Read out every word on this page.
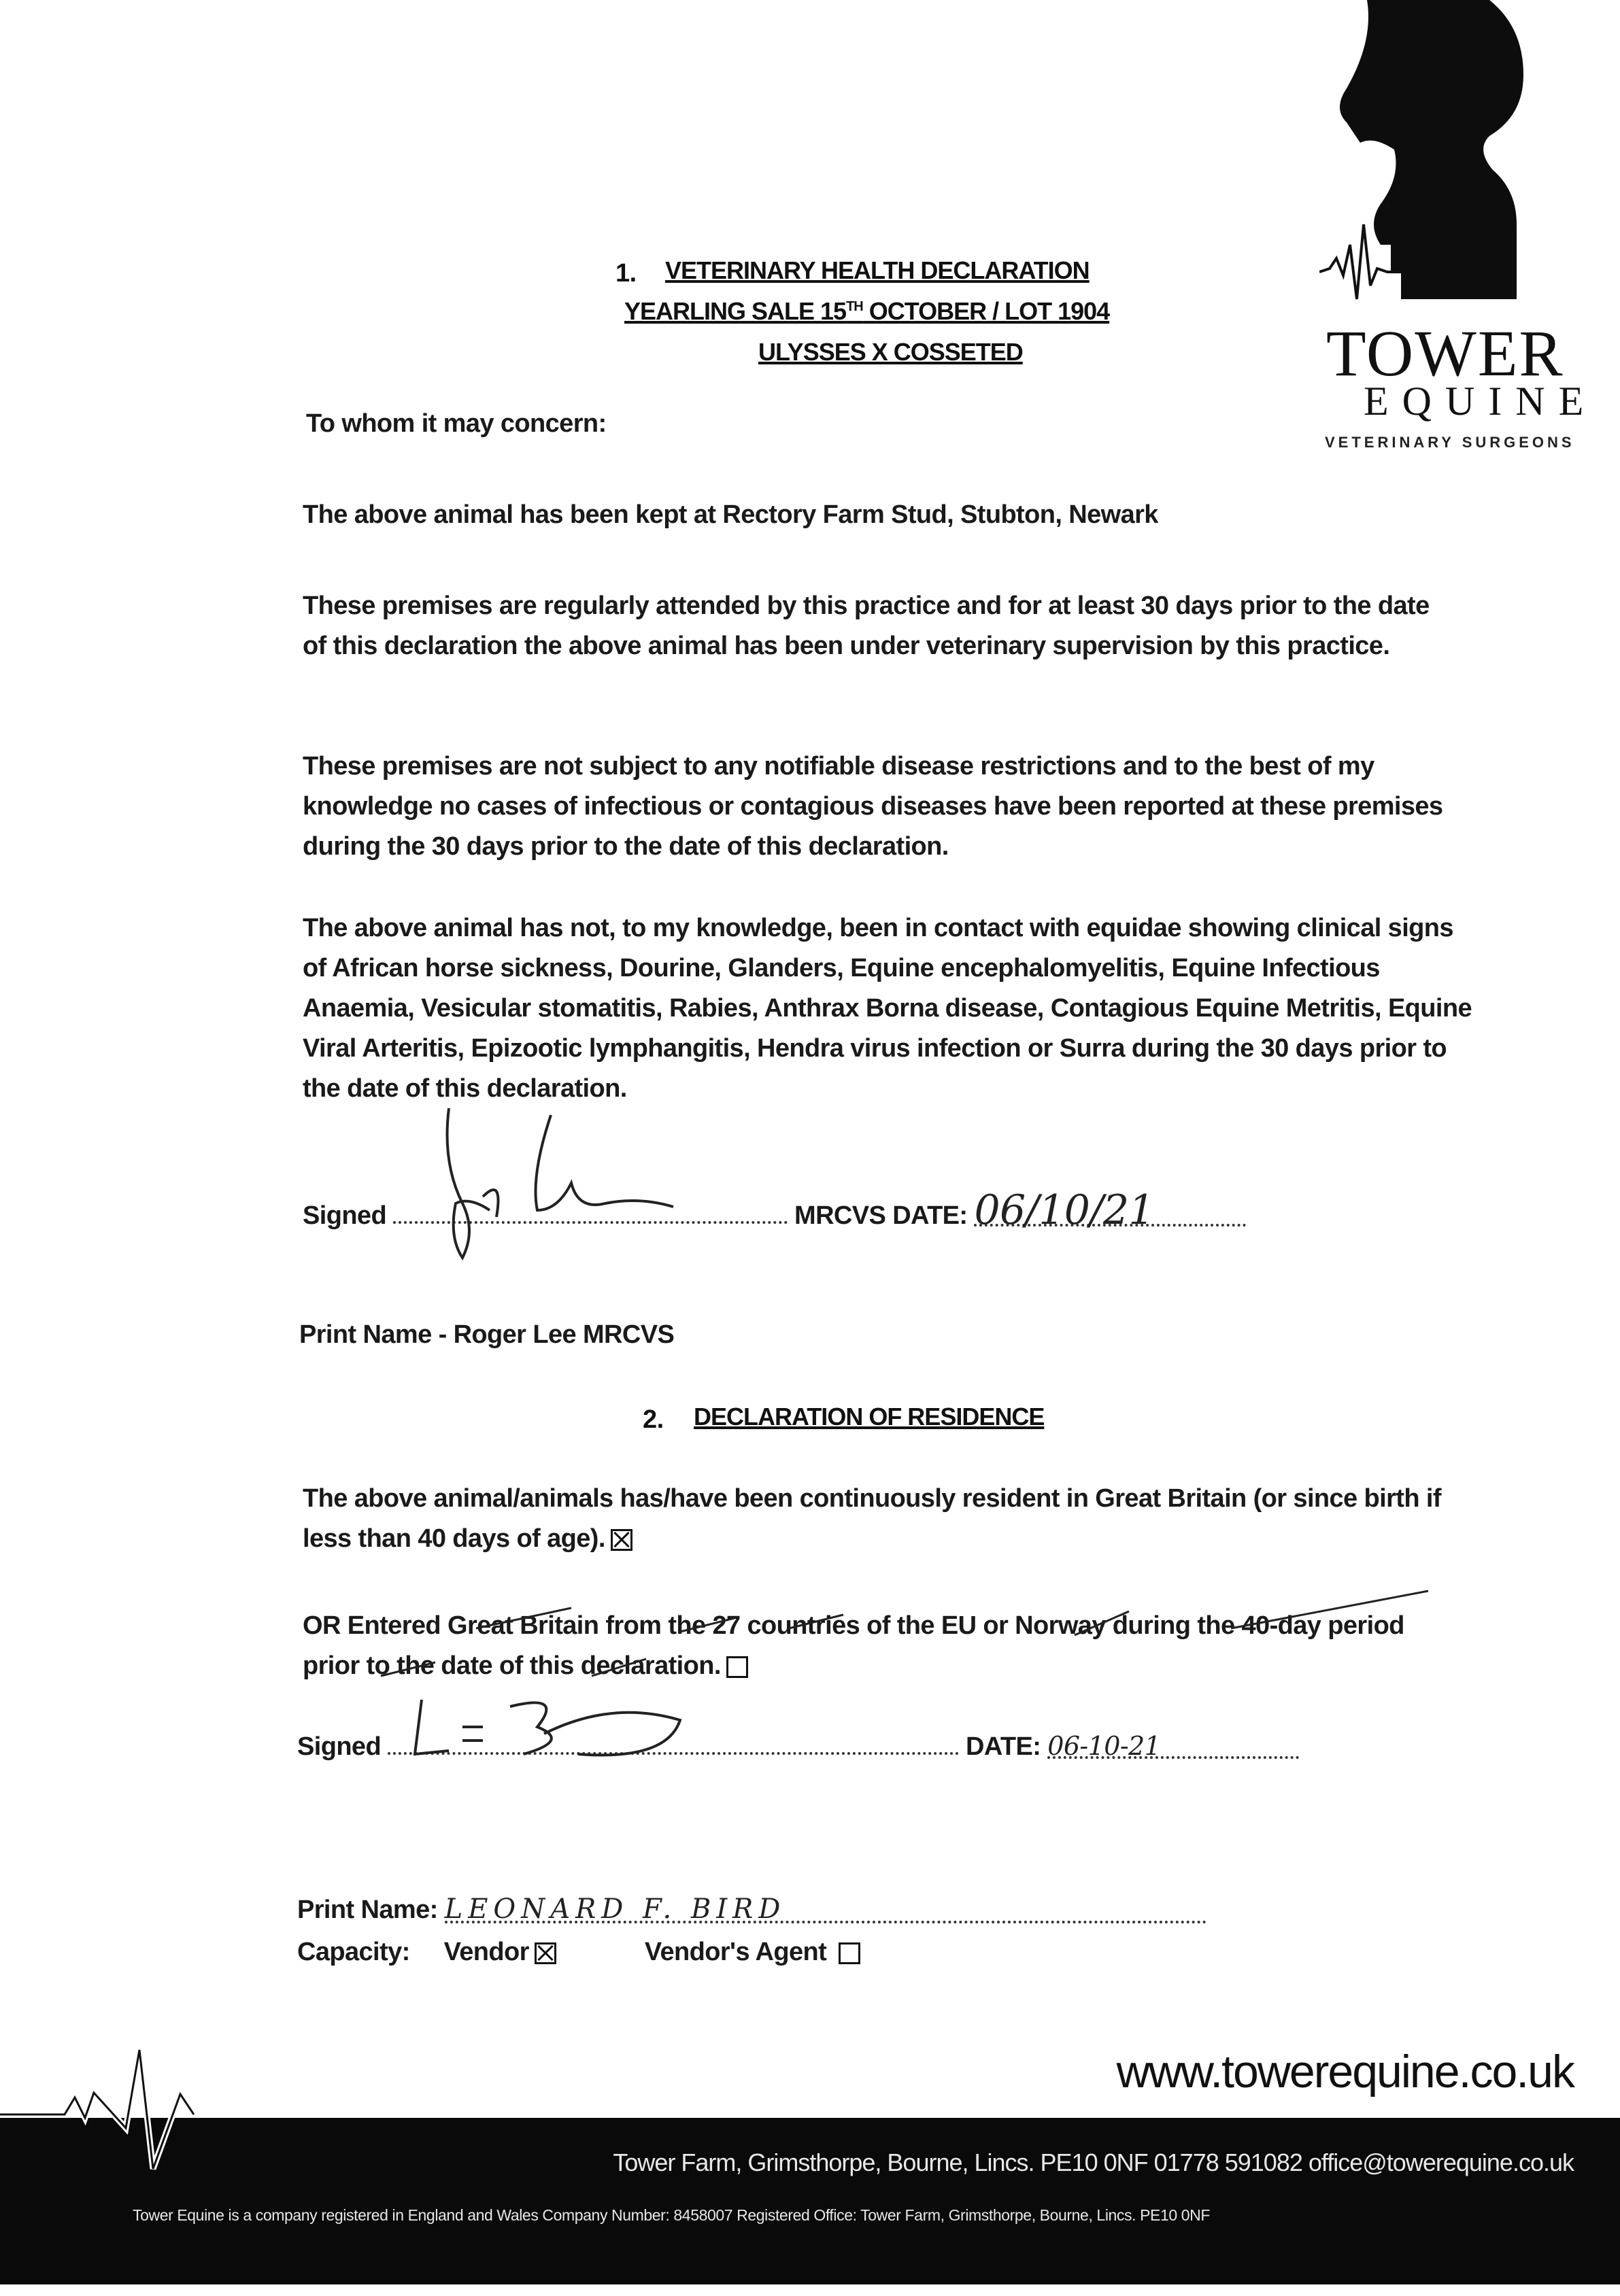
TOWER
EQUINE
VETERINARY SURGEONS
1. VETERINARY HEALTH DECLARATION
YEARLING SALE 15TH OCTOBER / LOT 1904
ULYSSES X COSSETED
To whom it may concern:
The above animal has been kept at Rectory Farm Stud, Stubton, Newark
These premises are regularly attended by this practice and for at least 30 days prior to the date of this declaration the above animal has been under veterinary supervision by this practice.
These premises are not subject to any notifiable disease restrictions and to the best of my knowledge no cases of infectious or contagious diseases have been reported at these premises during the 30 days prior to the date of this declaration.
The above animal has not, to my knowledge, been in contact with equidae showing clinical signs of African horse sickness, Dourine, Glanders, Equine encephalomyelitis, Equine Infectious Anaemia, Vesicular stomatitis, Rabies, Anthrax Borna disease, Contagious Equine Metritis, Equine Viral Arteritis, Epizootic lymphangitis, Hendra virus infection or Surra during the 30 days prior to the date of this declaration.
Signed	MRCVS DATE: 06/10/21
Print Name - Roger Lee MRCVS
2. DECLARATION OF RESIDENCE
The above animal/animals has/have been continuously resident in Great Britain (or since birth if less than 40 days of age).
OR Entered Great Britain from the 27 countries of the EU or Norway during the 40-day period prior to the date of this declaration.
Signed	DATE: 06-10-21
Print Name: LEONARD F. BIRD
Capacity: Vendor	Vendor's Agent
www.towerequine.co.uk
Tower Farm, Grimsthorpe, Bourne, Lincs. PE10 0NF 01778 591082 office@towerequine.co.uk
Tower Equine is a company registered in England and Wales Company Number: 8458007 Registered Office: Tower Farm, Grimsthorpe, Bourne, Lincs. PE10 0NF
